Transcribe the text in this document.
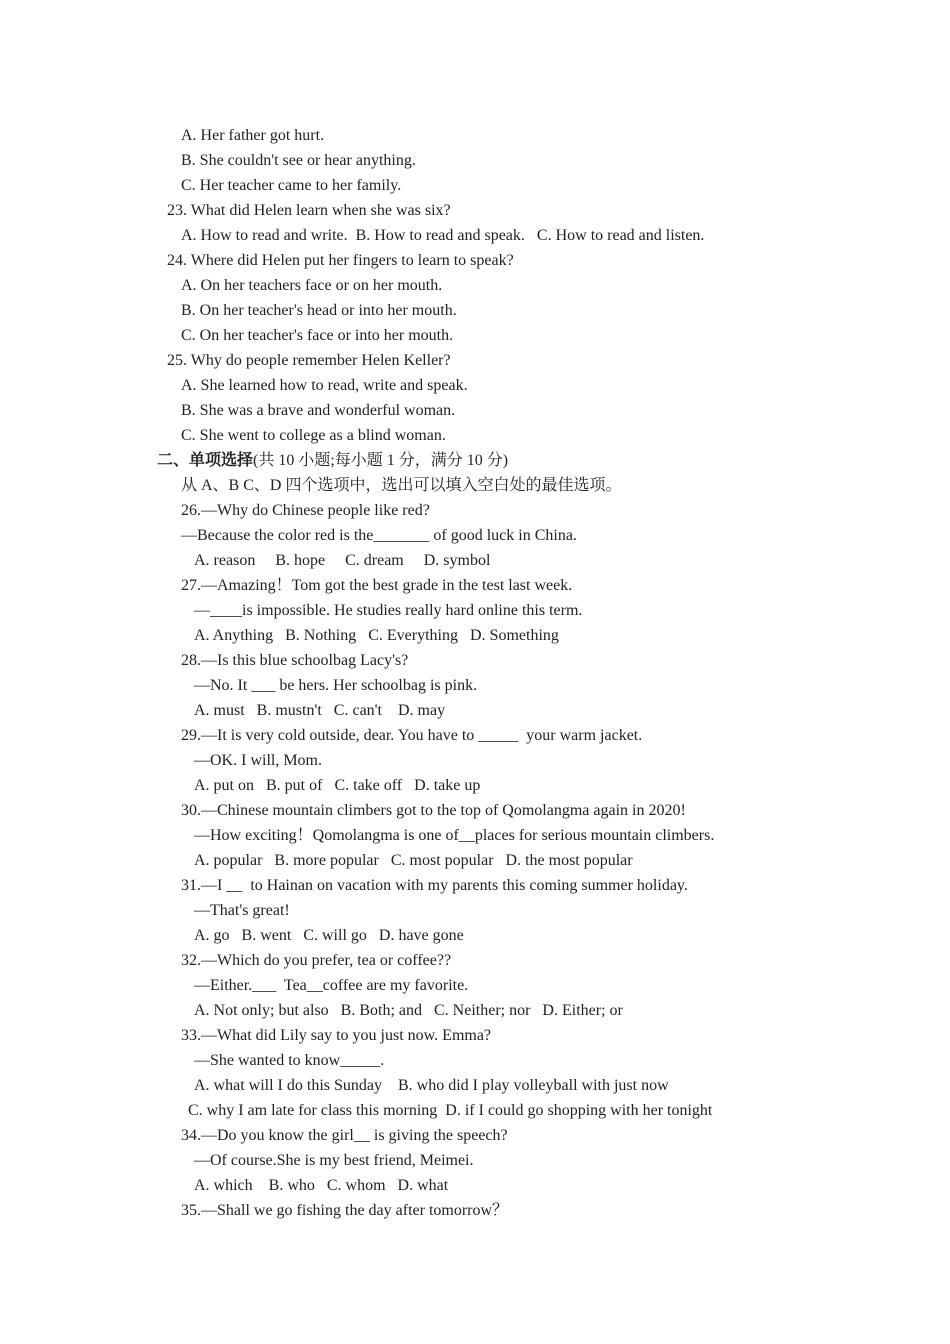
A. Her father got hurt.
B. She couldn't see or hear anything.
C. Her teacher came to her family.
23. What did Helen learn when she was six?
A. How to read and write.  B. How to read and speak.   C. How to read and listen.
24. Where did Helen put her fingers to learn to speak?
A. On her teachers face or on her mouth.
B. On her teacher's head or into her mouth.
C. On her teacher's face or into her mouth.
25. Why do people remember Helen Keller?
A. She learned how to read, write and speak.
B. She was a brave and wonderful woman.
C. She went to college as a blind woman.
二、单项选择(共 10 小题;每小题 1 分，满分 10 分)
从 A、B C、D 四个选项中，选出可以填入空白处的最佳选项。
26.—Why do Chinese people like red?
—Because the color red is the_______ of good luck in China.
A. reason     B. hope     C. dream     D. symbol
27.—Amazing！Tom got the best grade in the test last week.
—____is impossible. He studies really hard online this term.
A. Anything   B. Nothing   C. Everything   D. Something
28.—Is this blue schoolbag Lacy's?
—No. It ___ be hers. Her schoolbag is pink.
A. must   B. mustn't   C. can't    D. may
29.—It is very cold outside, dear. You have to _____  your warm jacket.
—OK. I will, Mom.
A. put on   B. put of   C. take off   D. take up
30.—Chinese mountain climbers got to the top of Qomolangma again in 2020!
—How exciting！Qomolangma is one of__places for serious mountain climbers.
A. popular   B. more popular   C. most popular   D. the most popular
31.—I __  to Hainan on vacation with my parents this coming summer holiday.
—That's great!
A. go   B. went   C. will go   D. have gone
32.—Which do you prefer, tea or coffee??
—Either.___  Tea__coffee are my favorite.
A. Not only; but also   B. Both; and   C. Neither; nor   D. Either; or
33.—What did Lily say to you just now. Emma?
—She wanted to know_____.
A. what will I do this Sunday    B. who did I play volleyball with just now
C. why I am late for class this morning  D. if I could go shopping with her tonight
34.—Do you know the girl__ is giving the speech?
—Of course.She is my best friend, Meimei.
A. which    B. who   C. whom   D. what
35.—Shall we go fishing the day after tomorrow？
